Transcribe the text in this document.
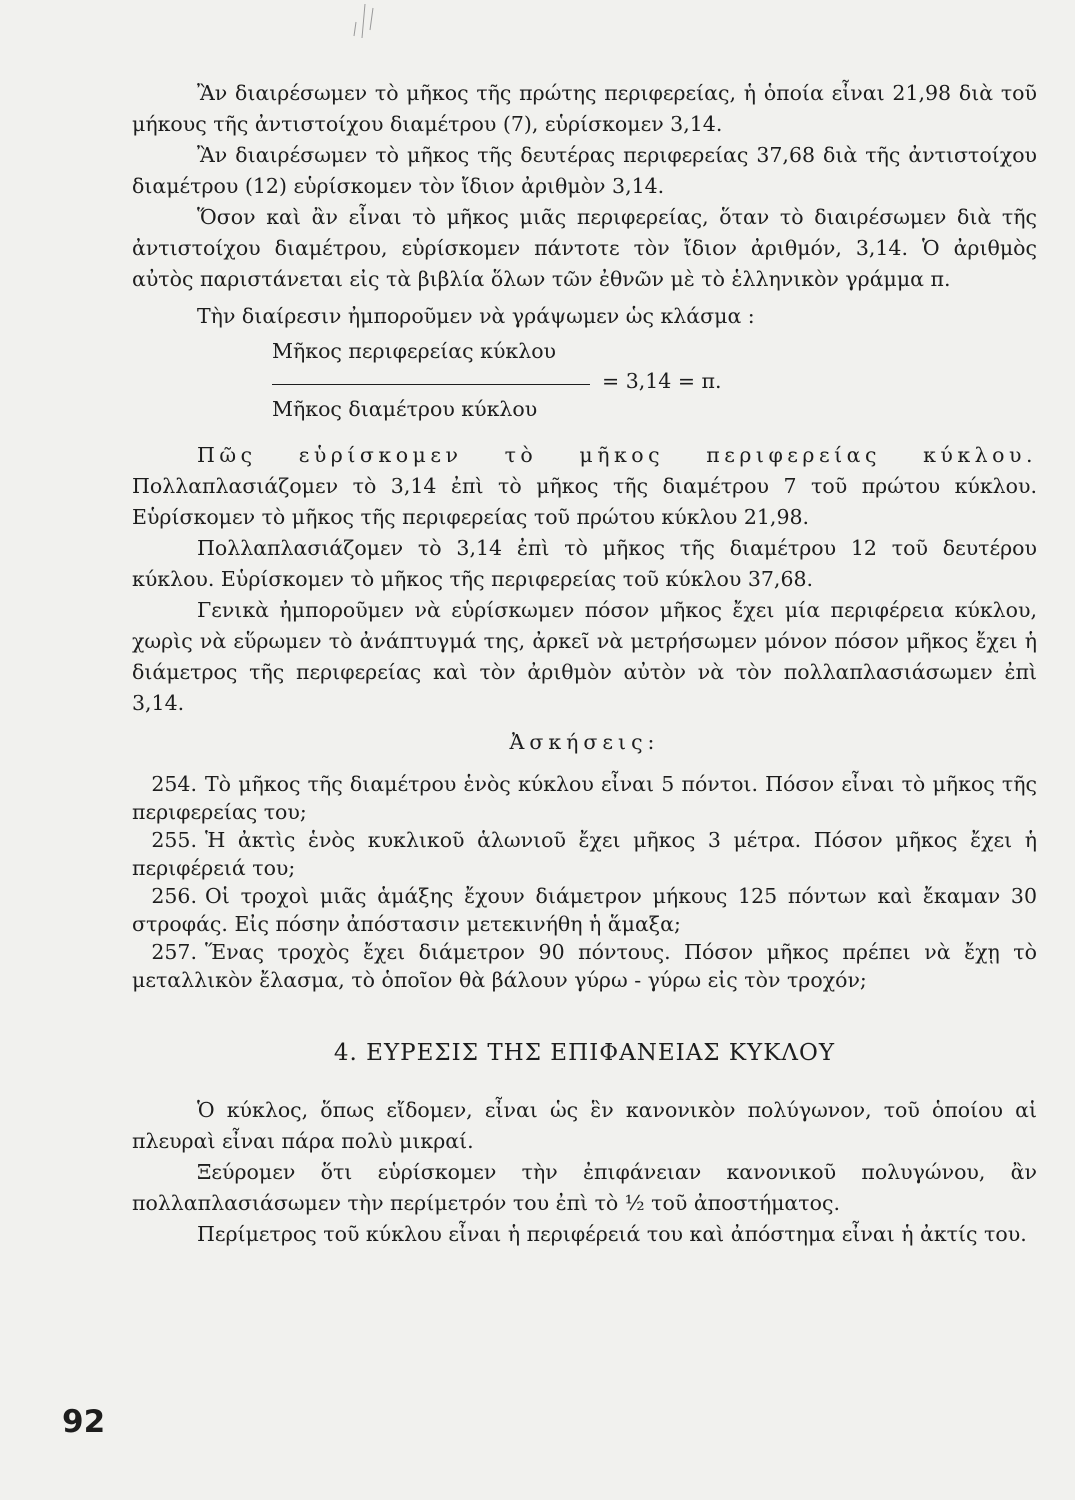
Ἂν διαιρέσωμεν τὸ μῆκος τῆς πρώτης περιφερείας, ἡ ὁποία εἶναι 21,98 διὰ τοῦ μήκους τῆς ἀντιστοίχου διαμέτρου (7), εὑρίσκομεν 3,14.

Ἂν διαιρέσωμεν τὸ μῆκος τῆς δευτέρας περιφερείας 37,68 διὰ τῆς ἀντιστοίχου διαμέτρου (12) εὑρίσκομεν τὸν ἴδιον ἀριθμὸν 3,14.

Ὅσον καὶ ἂν εἶναι τὸ μῆκος μιᾶς περιφερείας, ὅταν τὸ διαιρέσωμεν διὰ τῆς ἀντιστοίχου διαμέτρου, εὑρίσκομεν πάντοτε τὸν ἴδιον ἀριθμόν, 3,14. Ὁ ἀριθμὸς αὐτὸς παριστάνεται εἰς τὰ βιβλία ὅλων τῶν ἐθνῶν μὲ τὸ ἑλληνικὸν γράμμα π.

Τὴν διαίρεσιν ἠμποροῦμεν νὰ γράψωμεν ὡς κλάσμα :

Μῆκος περιφερείας κύκλου
Μῆκος διαμέτρου κύκλου
= 3,14 = π.

Πῶς εὑρίσκομεν τὸ μῆκος περιφερείας κύκλου. Πολλαπλασιάζομεν τὸ 3,14 ἐπὶ τὸ μῆκος τῆς διαμέτρου 7 τοῦ πρώτου κύκλου. Εὑρίσκομεν τὸ μῆκος τῆς περιφερείας τοῦ πρώτου κύκλου 21,98.

Πολλαπλασιάζομεν τὸ 3,14 ἐπὶ τὸ μῆκος τῆς διαμέτρου 12 τοῦ δευτέρου κύκλου. Εὑρίσκομεν τὸ μῆκος τῆς περιφερείας τοῦ κύκλου 37,68.

Γενικὰ ἠμποροῦμεν νὰ εὑρίσκωμεν πόσον μῆκος ἔχει μία περιφέρεια κύκλου, χωρὶς νὰ εὕρωμεν τὸ ἀνάπτυγμά της, ἀρκεῖ νὰ μετρήσωμεν μόνον πόσον μῆκος ἔχει ἡ διάμετρος τῆς περιφερείας καὶ τὸν ἀριθμὸν αὐτὸν νὰ τὸν πολλαπλασιάσωμεν ἐπὶ 3,14.

Ἀσκήσεις:

254. Τὸ μῆκος τῆς διαμέτρου ἑνὸς κύκλου εἶναι 5 πόντοι. Πόσον εἶναι τὸ μῆκος τῆς περιφερείας του;

255. Ἡ ἀκτὶς ἑνὸς κυκλικοῦ ἁλωνιοῦ ἔχει μῆκος 3 μέτρα. Πόσον μῆκος ἔχει ἡ περιφέρειά του;

256. Οἱ τροχοὶ μιᾶς ἁμάξης ἔχουν διάμετρον μήκους 125 πόντων καὶ ἔκαμαν 30 στροφάς. Εἰς πόσην ἀπόστασιν μετεκινήθη ἡ ἅμαξα;

257. Ἕνας τροχὸς ἔχει διάμετρον 90 πόντους. Πόσον μῆκος πρέπει νὰ ἔχῃ τὸ μεταλλικὸν ἔλασμα, τὸ ὁποῖον θὰ βάλουν γύρω - γύρω εἰς τὸν τροχόν;

4. ΕΥΡΕΣΙΣ ΤΗΣ ΕΠΙΦΑΝΕΙΑΣ ΚΥΚΛΟΥ

Ὁ κύκλος, ὅπως εἴδομεν, εἶναι ὡς ἓν κανονικὸν πολύγωνον, τοῦ ὁποίου αἱ πλευραὶ εἶναι πάρα πολὺ μικραί.

Ξεύρομεν ὅτι εὑρίσκομεν τὴν ἐπιφάνειαν κανονικοῦ πολυγώνου, ἂν πολλαπλασιάσωμεν τὴν περίμετρόν του ἐπὶ τὸ ½ τοῦ ἀποστήματος.

Περίμετρος τοῦ κύκλου εἶναι ἡ περιφέρειά του καὶ ἀπόστημα εἶναι ἡ ἀκτίς του.

92
